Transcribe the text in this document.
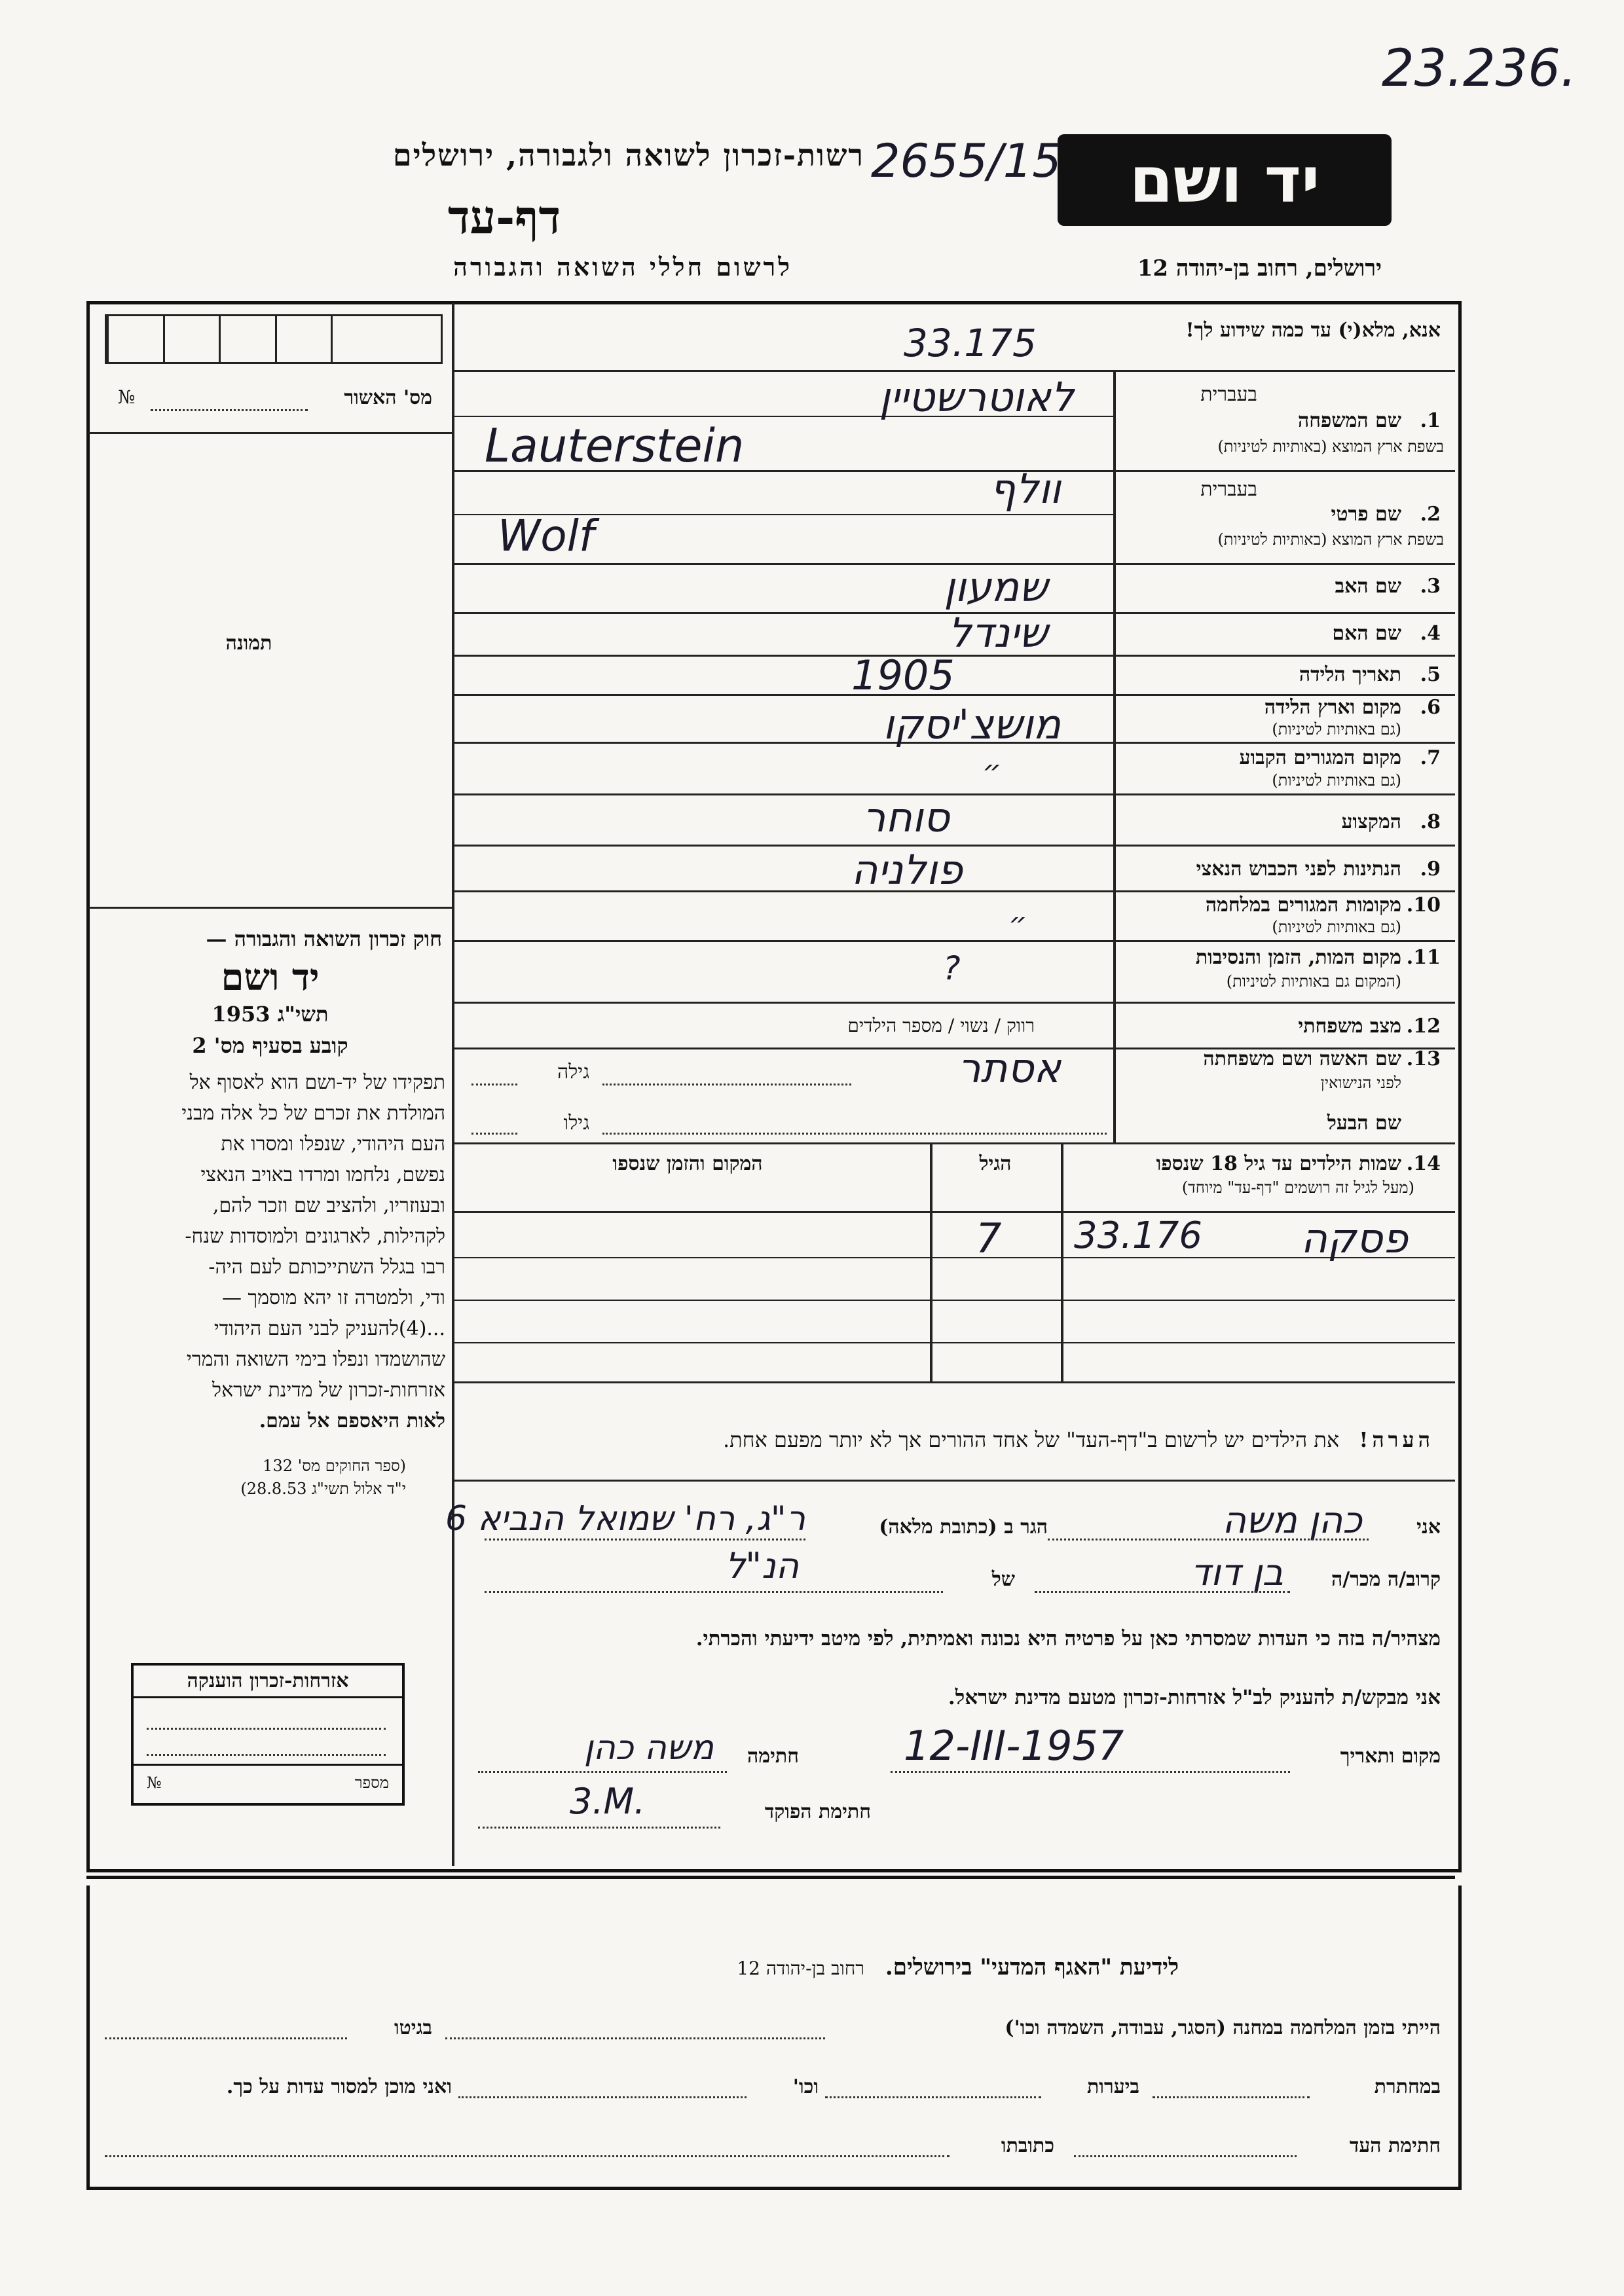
23.236.
יד ושם
2655/15
רשות-זכרון לשואה ולגבורה, ירושלים
דף-עד
לרשום חללי השואה והגבורה	ירושלים, רחוב בן-יהודה 12
מס' האשור
№
תמונה
חוק זכרון השואה והגבורה —
יד ושם
תשי"ג 1953
קובע בסעיף מס' 2
תפקידו של יד-ושם הוא לאסוף אל
המולדת את זכרם של כל אלה מבני
העם היהודי, שנפלו ומסרו את
נפשם, נלחמו ומרדו באויב הנאצי
ובעוזריו, ולהציב שם וזכר להם,
לקהילות, לארגונים ולמוסדות שנח-
רבו בגלל השתייכותם לעם היה-
ודי, ולמטרה זו יהא מוסמך —
...(4)להעניק לבני העם היהודי
שהושמדו ונפלו בימי השואה והמרי
אזרחות-זכרון של מדינת ישראל
לאות היאספם אל עמם.
(ספר החוקים מס' 132
י"ד אלול תשי"ג 28.8.53)
אזרחות-זכרון הוענקה
מספר
№
אנא, מלא(י) עד כמה שידוע לך!
33.175
בעברית
1.
שם המשפחה
בשפת ארץ המוצא (באותיות לטיניות)
לאוטרשטיין
Lauterstein
בעברית
2.
שם פרטי
בשפת ארץ המוצא (באותיות לטיניות)
וולף
Wolf
3.
שם האב
שמעון
4.
שם האם
שינדל
5.
תאריך הלידה
1905
6.
מקום וארץ הלידה
(גם באותיות לטיניות)
מושצ'יסקו
7.
מקום המגורים הקבוע
(גם באותיות לטיניות)
״
8.
המקצוע
סוחר
9.
הנתינות לפני הכבוש הנאצי
פולניה
10.
מקומות המגורים במלחמה
(גם באותיות לטיניות)
״
11.
מקום המות, הזמן והנסיבות
(המקום גם באותיות לטיניות)
?
12.
מצב משפחתי
רווק / נשוי / מספר הילדים
13.
שם האשה ושם משפחתה
לפני הנישואין
אסתר
גילה
שם הבעל
גילו
14.
שמות הילדים עד גיל 18 שנספו
(מעל לגיל זה רושמים "דף-עד" מיוחד)
הגיל
המקום והזמן שנספו
פסקה
33.176
7
הערה! את הילדים יש לרשום ב"דף-העד" של אחד ההורים אך לא יותר מפעם אחת.
אני
כהן משה
הגר ב (כתובת מלאה)
ר"ג, רח' שמואל הנביא 6
קרוב/ה מכר/ה
בן דוד
של
הנ"ל
מצהיר/ה בזה כי העדות שמסרתי כאן על פרטיה היא נכונה ואמיתית, לפי מיטב ידיעתי והכרתי.
אני מבקש/ת להעניק לב"ל אזרחות-זכרון מטעם מדינת ישראל.
מקום ותאריך
12-III-1957
חתימה
משה כהן
חתימת הפוקד
3.M.
לידיעת "האגף המדעי" בירושלים. רחוב בן-יהודה 12
הייתי בזמן המלחמה במחנה (הסגר, עבודה, השמדה וכו')
בגיטו
במחתרת
ביערות
וכו'
ואני מוכן למסור עדות על כך.
חתימת העד
כתובתו
